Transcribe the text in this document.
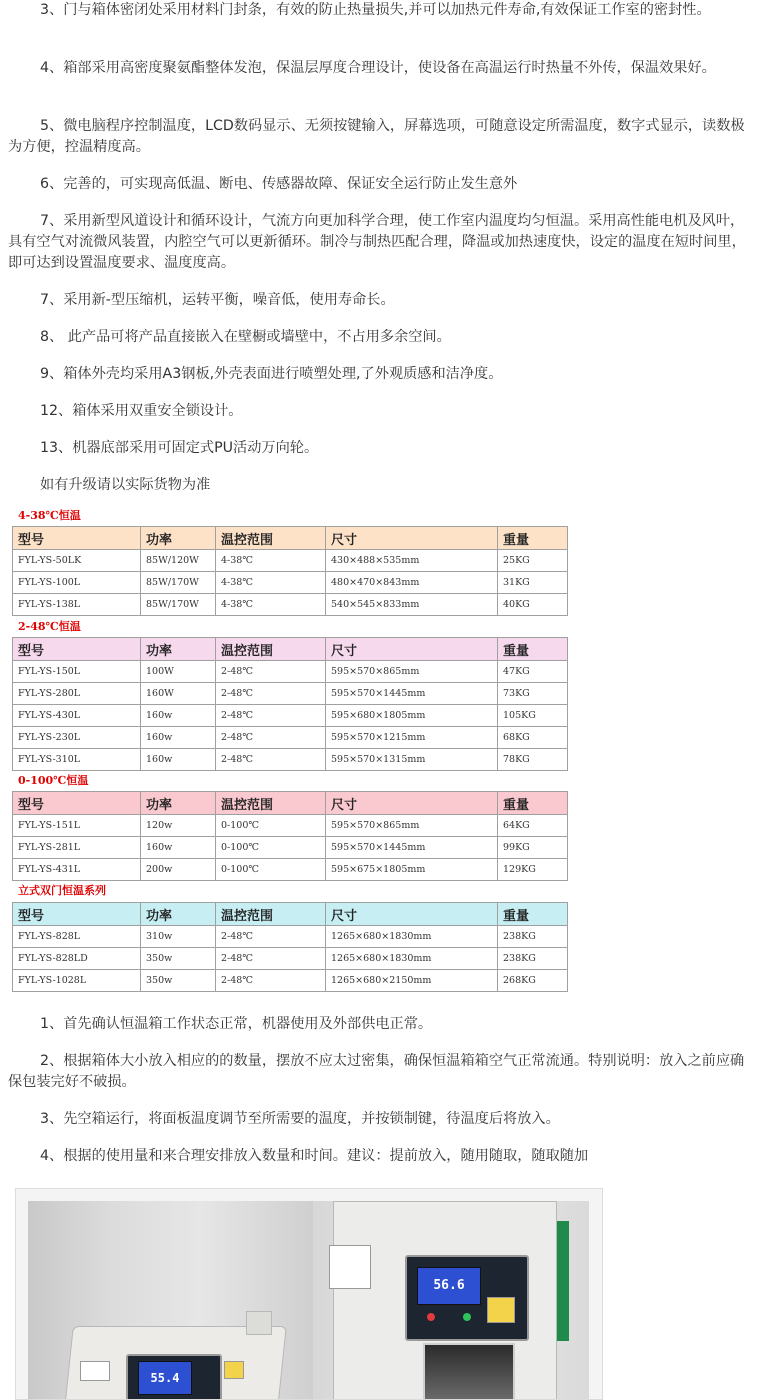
3、门与箱体密闭处采用材料门封条，有效的防止热量损失,并可以加热元件寿命,有效保证工作室的密封性。

4、箱部采用高密度聚氨酯整体发泡，保温层厚度合理设计，使设备在高温运行时热量不外传，保温效果好。

5、微电脑程序控制温度，LCD数码显示、无须按键输入，屏幕选项，可随意设定所需温度，数字式显示，读数极为方便，控温精度高。

6、完善的，可实现高低温、断电、传感器故障、保证安全运行防止发生意外

7、采用新型风道设计和循环设计，气流方向更加科学合理，使工作室内温度均匀恒温。采用高性能电机及风叶，具有空气对流微风装置，内腔空气可以更新循环。制冷与制热匹配合理，降温或加热速度快，设定的温度在短时间里，即可达到设置温度要求、温度度高。

7、采用新-型压缩机，运转平衡，噪音低，使用寿命长。

8、 此产品可将产品直接嵌入在壁橱或墙壁中，不占用多余空间。

9、箱体外壳均采用A3钢板,外壳表面进行喷塑处理,了外观质感和洁净度。

12、箱体采用双重安全锁设计。

13、机器底部采用可固定式PU活动万向轮。

如有升级请以实际货物为准

4-38℃恒温
型号	功率	温控范围	尺寸	重量
FYL-YS-50LK	85W/120W	4-38℃	430×488×535mm	25KG
FYL-YS-100L	85W/170W	4-38℃	480×470×843mm	31KG
FYL-YS-138L	85W/170W	4-38℃	540×545×833mm	40KG
2-48℃恒温
型号	功率	温控范围	尺寸	重量
FYL-YS-150L	100W	2-48℃	595×570×865mm	47KG
FYL-YS-280L	160W	2-48℃	595×570×1445mm	73KG
FYL-YS-430L	160w	2-48℃	595×680×1805mm	105KG
FYL-YS-230L	160w	2-48℃	595×570×1215mm	68KG
FYL-YS-310L	160w	2-48℃	595×570×1315mm	78KG
0-100℃恒温
型号	功率	温控范围	尺寸	重量
FYL-YS-151L	120w	0-100℃	595×570×865mm	64KG
FYL-YS-281L	160w	0-100℃	595×570×1445mm	99KG
FYL-YS-431L	200w	0-100℃	595×675×1805mm	129KG
立式双门恒温系列
型号	功率	温控范围	尺寸	重量
FYL-YS-828L	310w	2-48℃	1265×680×1830mm	238KG
FYL-YS-828LD	350w	2-48℃	1265×680×1830mm	238KG
FYL-YS-1028L	350w	2-48℃	1265×680×2150mm	268KG

1、首先确认恒温箱工作状态正常，机器使用及外部供电正常。

2、根据箱体大小放入相应的的数量，摆放不应太过密集，确保恒温箱箱空气正常流通。特别说明：放入之前应确保包装完好不破损。

3、先空箱运行，将面板温度调节至所需要的温度，并按锁制键，待温度后将放入。

4、根据的使用量和来合理安排放入数量和时间。建议：提前放入，随用随取，随取随加

55.4
56.6
